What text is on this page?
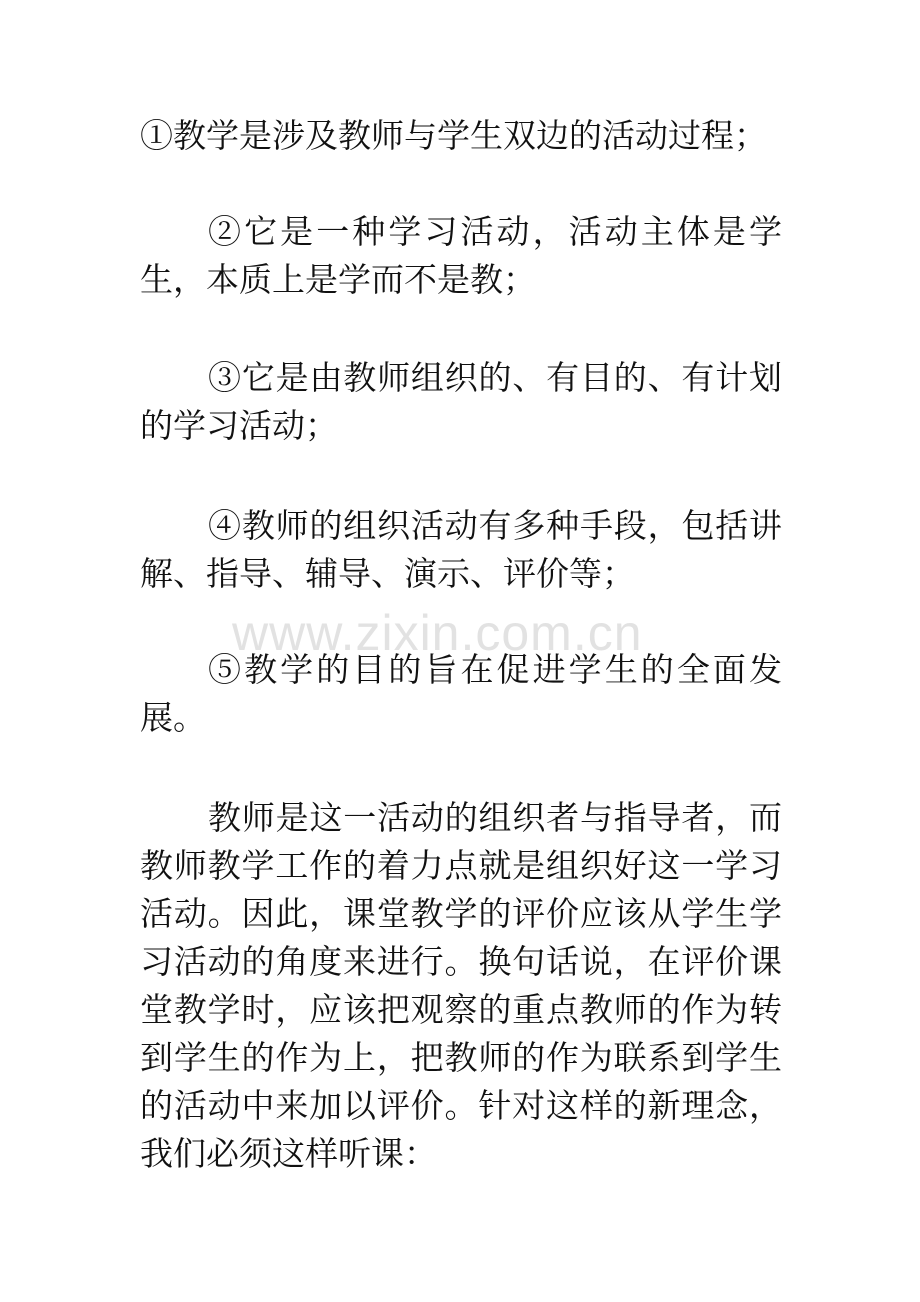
①教学是涉及教师与学生双边的活动过程；

②它是一种学习活动，活动主体是学生，本质上是学而不是教；

③它是由教师组织的、有目的、有计划的学习活动；

④教师的组织活动有多种手段，包括讲解、指导、辅导、演示、评价等；

⑤教学的目的旨在促进学生的全面发展。

教师是这一活动的组织者与指导者，而教师教学工作的着力点就是组织好这一学习活动。因此，课堂教学的评价应该从学生学习活动的角度来进行。换句话说，在评价课堂教学时，应该把观察的重点教师的作为转到学生的作为上，把教师的作为联系到学生的活动中来加以评价。针对这样的新理念，我们必须这样听课：

www.zixin.com.cn
